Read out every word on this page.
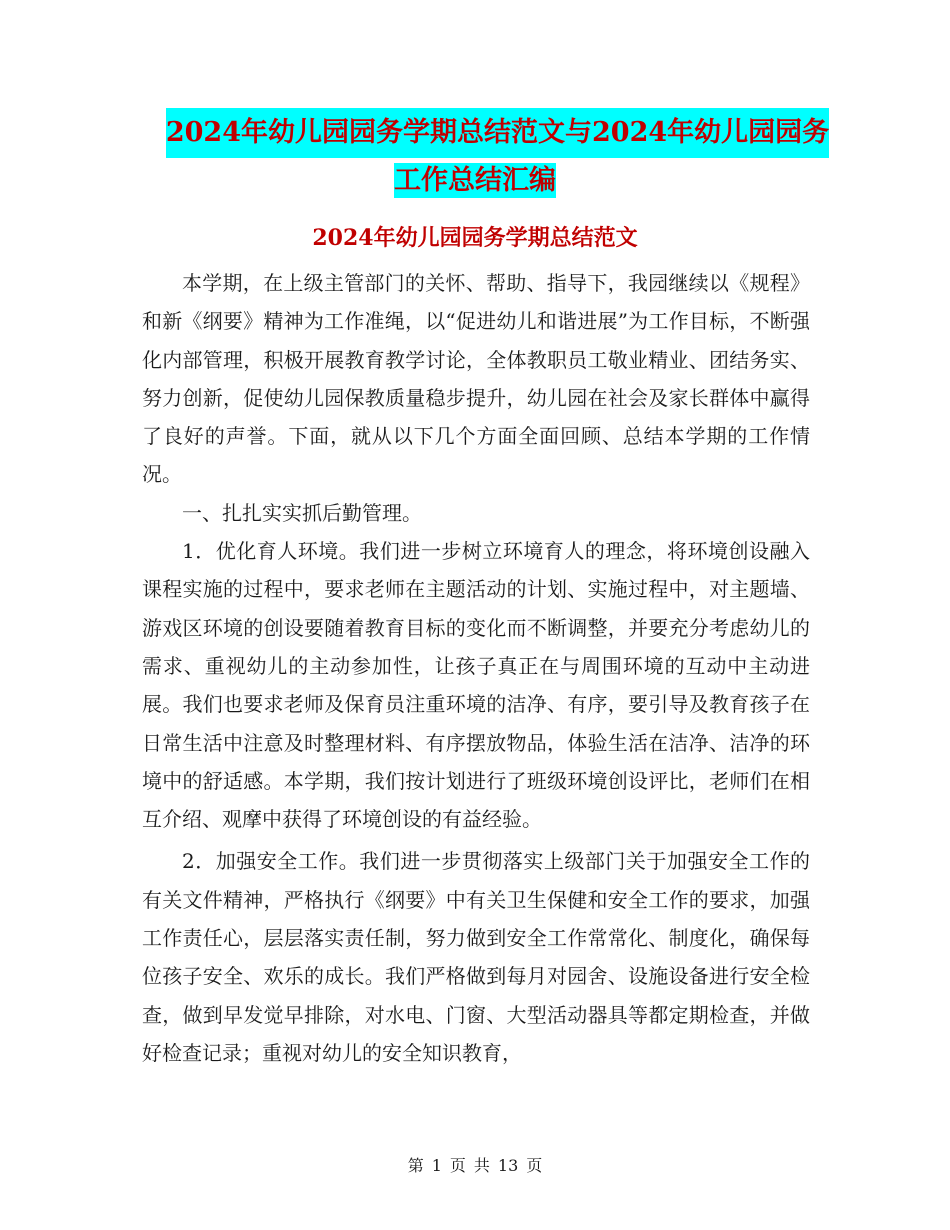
2024年幼儿园园务学期总结范文与2024年幼儿园园务
工作总结汇编
2024年幼儿园园务学期总结范文

本学期，在上级主管部门的关怀、帮助、指导下，我园继续以《规程》和新《纲要》精神为工作准绳，以“促进幼儿和谐进展”为工作目标，不断强化内部管理，积极开展教育教学讨论，全体教职员工敬业精业、团结务实、努力创新，促使幼儿园保教质量稳步提升，幼儿园在社会及家长群体中赢得了良好的声誉。下面，就从以下几个方面全面回顾、总结本学期的工作情况。

一、扎扎实实抓后勤管理。

1．优化育人环境。我们进一步树立环境育人的理念，将环境创设融入课程实施的过程中，要求老师在主题活动的计划、实施过程中，对主题墙、游戏区环境的创设要随着教育目标的变化而不断调整，并要充分考虑幼儿的需求、重视幼儿的主动参加性，让孩子真正在与周围环境的互动中主动进展。我们也要求老师及保育员注重环境的洁净、有序，要引导及教育孩子在日常生活中注意及时整理材料、有序摆放物品，体验生活在洁净、洁净的环境中的舒适感。本学期，我们按计划进行了班级环境创设评比，老师们在相互介绍、观摩中获得了环境创设的有益经验。

2．加强安全工作。我们进一步贯彻落实上级部门关于加强安全工作的有关文件精神，严格执行《纲要》中有关卫生保健和安全工作的要求，加强工作责任心，层层落实责任制，努力做到安全工作常常化、制度化，确保每位孩子安全、欢乐的成长。我们严格做到每月对园舍、设施设备进行安全检查，做到早发觉早排除，对水电、门窗、大型活动器具等都定期检查，并做好检查记录；重视对幼儿的安全知识教育，

第 1 页 共 13 页
